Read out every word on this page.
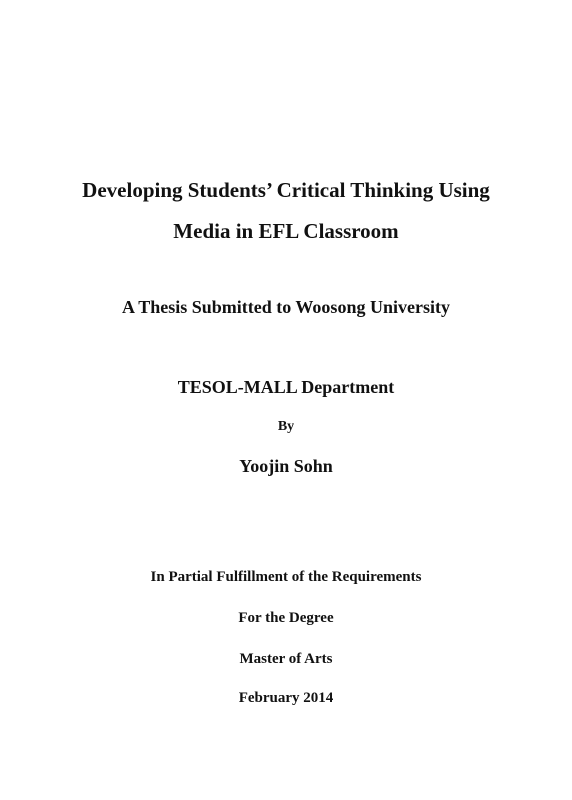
Developing Students’ Critical Thinking Using
Media in EFL Classroom
A Thesis Submitted to Woosong University
TESOL-MALL Department
By
Yoojin Sohn
In Partial Fulfillment of the Requirements
For the Degree
Master of Arts
February 2014
